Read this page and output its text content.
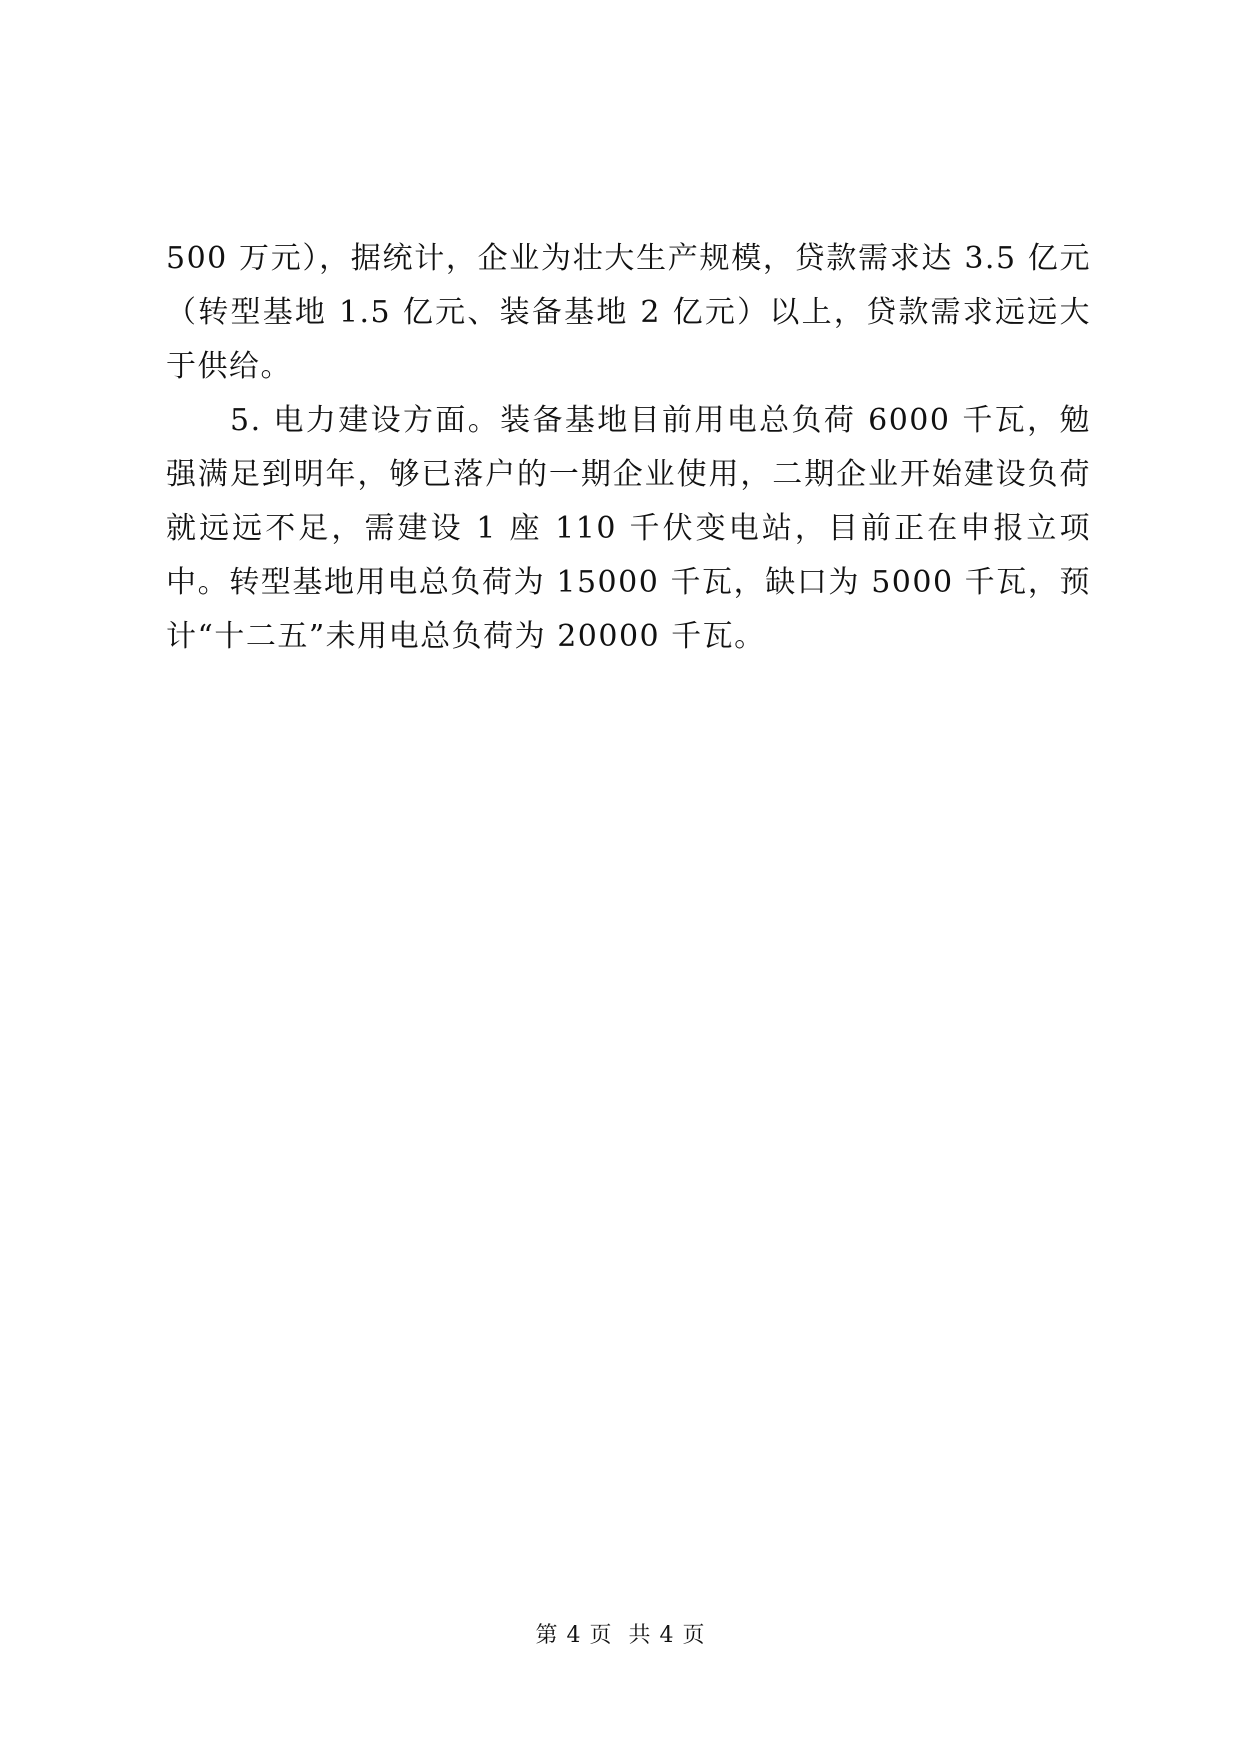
500 万元），据统计，企业为壮大生产规模，贷款需求达 3.5 亿元（转型基地 1.5 亿元、装备基地 2 亿元）以上，贷款需求远远大于供给。

5. 电力建设方面。装备基地目前用电总负荷 6000 千瓦，勉强满足到明年，够已落户的一期企业使用，二期企业开始建设负荷就远远不足，需建设 1 座 110 千伏变电站，目前正在申报立项中。转型基地用电总负荷为 15000 千瓦，缺口为 5000 千瓦，预计“十二五”未用电总负荷为 20000 千瓦。

第 4 页 共 4 页
